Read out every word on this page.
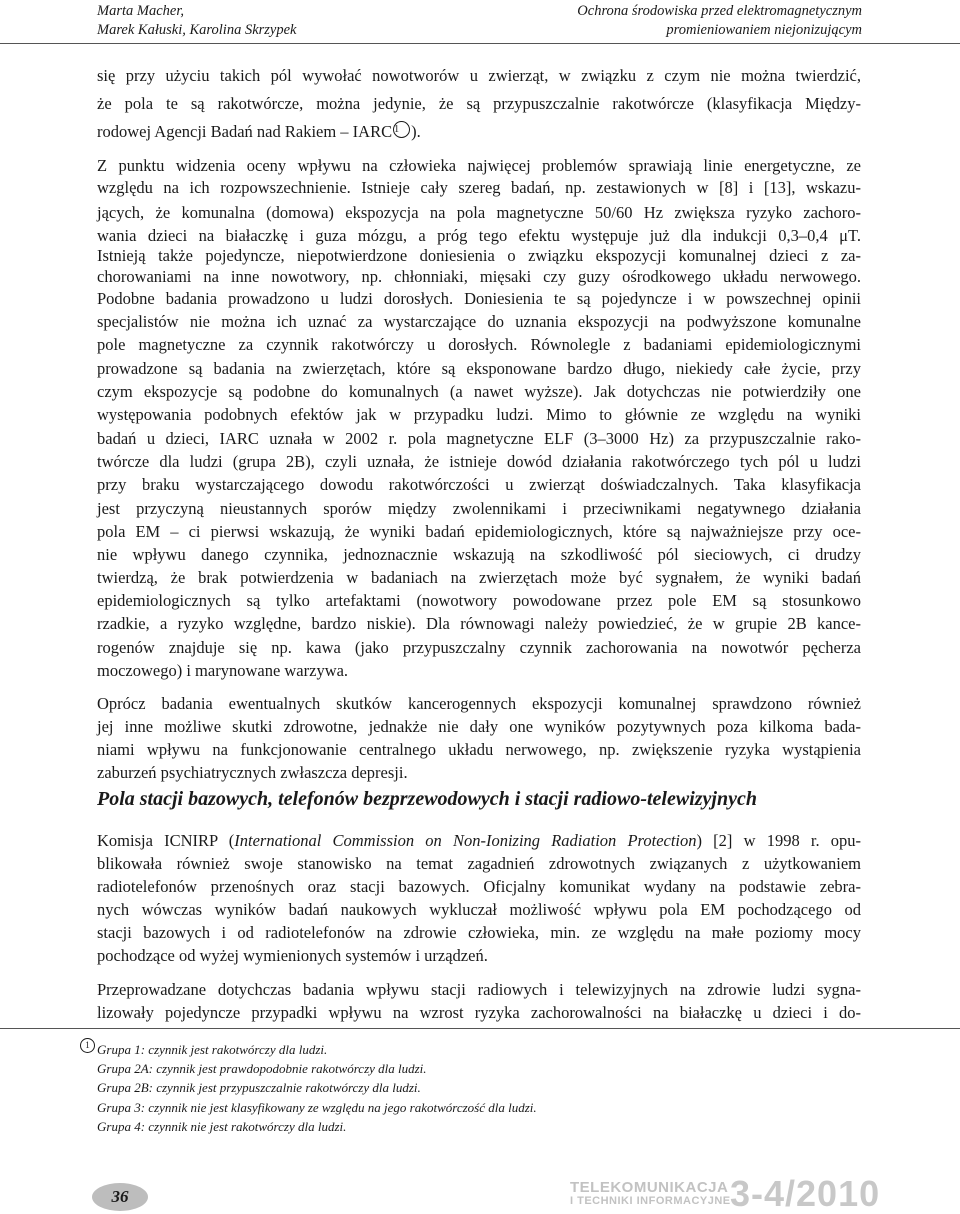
Marta Macher,
Marek Kałuski, Karolina Skrzypek
Ochrona środowiska przed elektromagnetycznym
promieniowaniem niejonizującym
się przy użyciu takich pól wywołać nowotworów u zwierząt, w związku z czym nie można twierdzić,
że pola te są rakotwórcze, można jedynie, że są przypuszczalnie rakotwórcze (klasyfikacja Między-
rodowej Agencji Badań nad Rakiem – IARC 1 ).
Z punktu widzenia oceny wpływu na człowieka najwięcej problemów sprawiają linie energetyczne, ze
względu na ich rozpowszechnienie. Istnieje cały szereg badań, np. zestawionych w [8] i [13], wskazu-
jących, że komunalna (domowa) ekspozycja na pola magnetyczne 50/60 Hz zwiększa ryzyko zachoro-
wania dzieci na białaczkę i guza mózgu, a próg tego efektu występuje już dla indukcji 0,3–0,4 μT.
Istnieją także pojedyncze, niepotwierdzone doniesienia o związku ekspozycji komunalnej dzieci z za-
chorowaniami na inne nowotwory, np. chłonniaki, mięsaki czy guzy ośrodkowego układu nerwowego.
Podobne badania prowadzono u ludzi dorosłych. Doniesienia te są pojedyncze i w powszechnej opinii
specjalistów nie można ich uznać za wystarczające do uznania ekspozycji na podwyższone komunalne
pole magnetyczne za czynnik rakotwórczy u dorosłych. Równolegle z badaniami epidemiologicznymi
prowadzone są badania na zwierzętach, które są eksponowane bardzo długo, niekiedy całe życie, przy
czym ekspozycje są podobne do komunalnych (a nawet wyższe). Jak dotychczas nie potwierdziły one
występowania podobnych efektów jak w przypadku ludzi. Mimo to głównie ze względu na wyniki
badań u dzieci, IARC uznała w 2002 r. pola magnetyczne ELF (3–3000 Hz) za przypuszczalnie rako-
twórcze dla ludzi (grupa 2B), czyli uznała, że istnieje dowód działania rakotwórczego tych pól u ludzi
przy braku wystarczającego dowodu rakotwórczości u zwierząt doświadczalnych. Taka klasyfikacja
jest przyczyną nieustannych sporów między zwolennikami i przeciwnikami negatywnego działania
pola EM – ci pierwsi wskazują, że wyniki badań epidemiologicznych, które są najważniejsze przy oce-
nie wpływu danego czynnika, jednoznacznie wskazują na szkodliwość pól sieciowych, ci drudzy
twierdzą, że brak potwierdzenia w badaniach na zwierzętach może być sygnałem, że wyniki badań
epidemiologicznych są tylko artefaktami (nowotwory powodowane przez pole EM są stosunkowo
rzadkie, a ryzyko względne, bardzo niskie). Dla równowagi należy powiedzieć, że w grupie 2B kance-
rogenów znajduje się np. kawa (jako przypuszczalny czynnik zachorowania na nowotwór pęcherza
moczowego) i marynowane warzywa.
Oprócz badania ewentualnych skutków kancerogennych ekspozycji komunalnej sprawdzono również
jej inne możliwe skutki zdrowotne, jednakże nie dały one wyników pozytywnych poza kilkoma bada-
niami wpływu na funkcjonowanie centralnego układu nerwowego, np. zwiększenie ryzyka wystąpienia
zaburzeń psychiatrycznych zwłaszcza depresji.
Pola stacji bazowych, telefonów bezprzewodowych i stacji radiowo-telewizyjnych
Komisja ICNIRP (International Commission on Non-Ionizing Radiation Protection) [2] w 1998 r. opu-
blikowała również swoje stanowisko na temat zagadnień zdrowotnych związanych z użytkowaniem
radiotelefonów przenośnych oraz stacji bazowych. Oficjalny komunikat wydany na podstawie zebra-
nych wówczas wyników badań naukowych wykluczał możliwość wpływu pola EM pochodzącego od
stacji bazowych i od radiotelefonów na zdrowie człowieka, min. ze względu na małe poziomy mocy
pochodzące od wyżej wymienionych systemów i urządzeń.
Przeprowadzane dotychczas badania wpływu stacji radiowych i telewizyjnych na zdrowie ludzi sygna-
lizowały pojedyncze przypadki wpływu na wzrost ryzyka zachorowalności na białaczkę u dzieci i do-
1 Grupa 1: czynnik jest rakotwórczy dla ludzi.
Grupa 2A: czynnik jest prawdopodobnie rakotwórczy dla ludzi.
Grupa 2B: czynnik jest przypuszczalnie rakotwórczy dla ludzi.
Grupa 3: czynnik nie jest klasyfikowany ze względu na jego rakotwórczość dla ludzi.
Grupa 4: czynnik nie jest rakotwórczy dla ludzi.
36	TELEKOMUNIKACJA
I TECHNIKI INFORMACYJNE 3-4/2010
